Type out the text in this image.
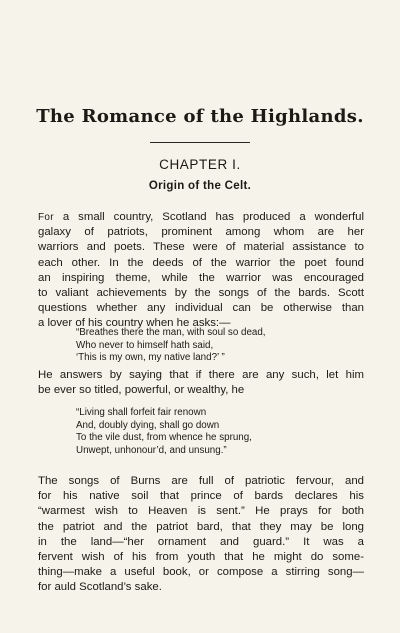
The Romance of the Highlands.
CHAPTER I.
Origin of the Celt.
For a small country, Scotland has produced a wonderful
galaxy of patriots, prominent among whom are her
warriors and poets. These were of material assistance to
each other. In the deeds of the warrior the poet found
an inspiring theme, while the warrior was encouraged
to valiant achievements by the songs of the bards. Scott
questions whether any individual can be otherwise than
a lover of his country when he asks:—
“Breathes there the man, with soul so dead,
Who never to himself hath said,
‘This is my own, my native land?’ ”
He answers by saying that if there are any such, let him
be ever so titled, powerful, or wealthy, he
“Living shall forfeit fair renown
And, doubly dying, shall go down
To the vile dust, from whence he sprung,
Unwept, unhonour’d, and unsung.”
The songs of Burns are full of patriotic fervour, and
for his native soil that prince of bards declares his
“warmest wish to Heaven is sent.” He prays for both
the patriot and the patriot bard, that they may be long
in the land—“her ornament and guard.” It was a
fervent wish of his from youth that he might do some-
thing—make a useful book, or compose a stirring song—
for auld Scotland’s sake.
